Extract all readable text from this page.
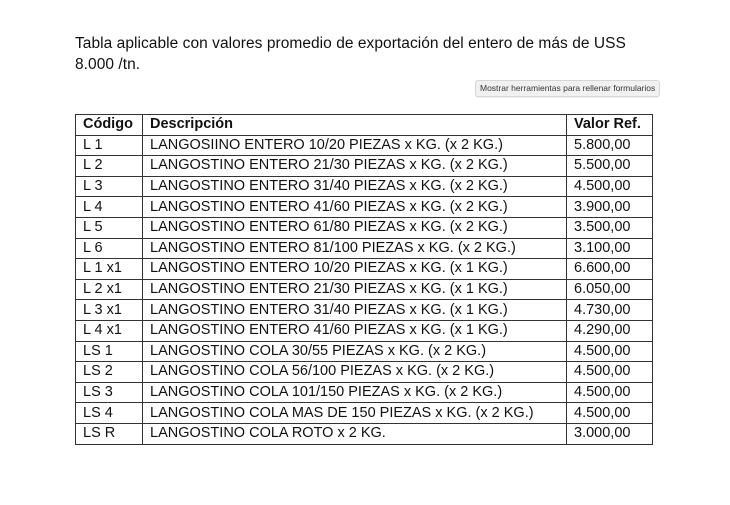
Tabla aplicable con valores promedio de exportación del entero de más de USS 8.000 /tn.

Mostrar herramientas para rellenar formularios
Código	Descripción	Valor Ref.
L 1	LANGOSIINO ENTERO 10/20 PIEZAS x KG. (x 2 KG.)	5.800,00
L 2	LANGOSTINO ENTERO 21/30 PIEZAS x KG. (x 2 KG.)	5.500,00
L 3	LANGOSTINO ENTERO 31/40 PIEZAS x KG. (x 2 KG.)	4.500,00
L 4	LANGOSTINO ENTERO 41/60 PIEZAS x KG. (x 2 KG.)	3.900,00
L 5	LANGOSTINO ENTERO 61/80 PIEZAS x KG. (x 2 KG.)	3.500,00
L 6	LANGOSTINO ENTERO 81/100 PIEZAS x KG. (x 2 KG.)	3.100,00
L 1 x1	LANGOSTINO ENTERO 10/20 PIEZAS x KG. (x 1 KG.)	6.600,00
L 2 x1	LANGOSTINO ENTERO 21/30 PIEZAS x KG. (x 1 KG.)	6.050,00
L 3 x1	LANGOSTINO ENTERO 31/40 PIEZAS x KG. (x 1 KG.)	4.730,00
L 4 x1	LANGOSTINO ENTERO 41/60 PIEZAS x KG. (x 1 KG.)	4.290,00
LS 1	LANGOSTINO COLA 30/55 PIEZAS x KG. (x 2 KG.)	4.500,00
LS 2	LANGOSTINO COLA 56/100 PIEZAS x KG. (x 2 KG.)	4.500,00
LS 3	LANGOSTINO COLA 101/150 PIEZAS x KG. (x 2 KG.)	4.500,00
LS 4	LANGOSTINO COLA MAS DE 150 PIEZAS x KG. (x 2 KG.)	4.500,00
LS R	LANGOSTINO COLA ROTO x 2 KG.	3.000,00
